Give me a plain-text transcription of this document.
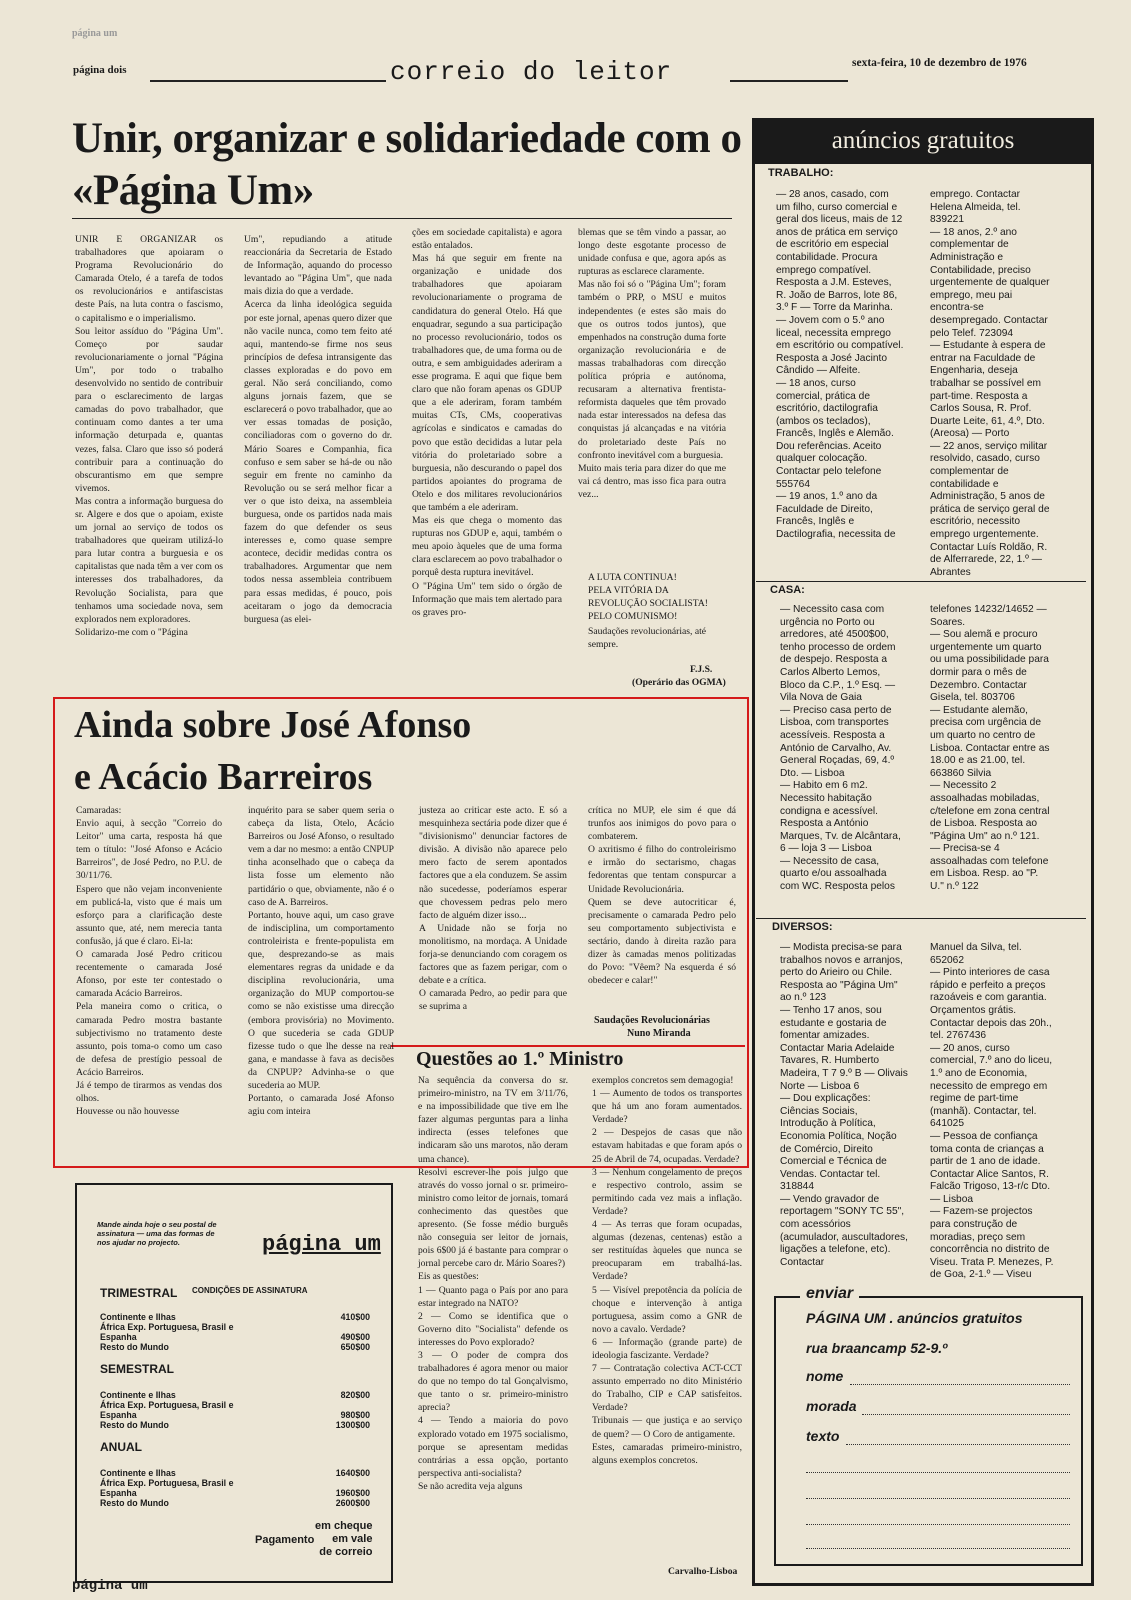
página um
página dois	correio do leitor	sexta-feira, 10 de dezembro de 1976
Unir, organizar e solidariedade com o «Página Um»
UNIR E ORGANIZAR os trabalhadores que apoiaram o Programa Revolucionário do Camarada Otelo, é a tarefa de todos os revolucionários e antifascistas deste País, na luta contra o fascismo, o capitalismo e o imperialismo.
Sou leitor assíduo do "Página Um". Começo por saudar revolucionariamente o jornal "Página Um", por todo o trabalho desenvolvido no sentido de contribuir para o esclarecimento de largas camadas do povo trabalhador, que continuam como dantes a ter uma informação deturpada e, quantas vezes, falsa. Claro que isso só poderá contribuir para a continuação do obscurantismo em que sempre vivemos.
Mas contra a informação burguesa do sr. Algere e dos que o apoiam, existe um jornal ao serviço de todos os trabalhadores que queiram utilizá-lo para lutar contra a burguesia e os capitalistas que nada têm a ver com os interesses dos trabalhadores, da Revolução Socialista, para que tenhamos uma sociedade nova, sem explorados nem exploradores.
Solidarizo-me com o "Página
Um", repudiando a atitude reaccionária da Secretaria de Estado de Informação, aquando do processo levantado ao "Página Um", que nada mais dizia do que a verdade.
Acerca da linha ideológica seguida por este jornal, apenas quero dizer que não vacile nunca, como tem feito até aqui, mantendo-se firme nos seus princípios de defesa intransigente das classes exploradas e do povo em geral. Não será conciliando, como alguns jornais fazem, que se esclarecerá o povo trabalhador, que ao ver essas tomadas de posição, conciliadoras com o governo do dr. Mário Soares e Companhia, fica confuso e sem saber se há-de ou não seguir em frente no caminho da Revolução ou se será melhor ficar a ver o que isto deixa, na assembleia burguesa, onde os partidos nada mais fazem do que defender os seus interesses e, como quase sempre acontece, decidir medidas contra os trabalhadores. Argumentar que nem todos nessa assembleia contribuem para essas medidas, é pouco, pois aceitaram o jogo da democracia burguesa (as elei-
ções em sociedade capitalista) e agora estão entalados.
Mas há que seguir em frente na organização e unidade dos trabalhadores que apoiaram revolucionariamente o programa de candidatura do general Otelo. Há que enquadrar, segundo a sua participação no processo revolucionário, todos os trabalhadores que, de uma forma ou de outra, e sem ambiguidades aderiram a esse programa. E aqui que fique bem claro que não foram apenas os GDUP que a ele aderiram, foram também muitas CTs, CMs, cooperativas agrícolas e sindicatos e camadas do povo que estão decididas a lutar pela vitória do proletariado sobre a burguesia, não descurando o papel dos partidos apoiantes do programa de Otelo e dos militares revolucionários que também a ele aderiram.
Mas eis que chega o momento das rupturas nos GDUP e, aqui, também o meu apoio àqueles que de uma forma clara esclarecem ao povo trabalhador o porquê desta ruptura inevitável.
O "Página Um" tem sido o órgão de Informação que mais tem alertado para os graves pro-
blemas que se têm vindo a passar, ao longo deste esgotante processo de unidade confusa e que, agora após as rupturas as esclarece claramente.
Mas não foi só o "Página Um"; foram também o PRP, o MSU e muitos independentes (e estes são mais do que os outros todos juntos), que empenhados na construção duma forte organização revolucionária e de massas trabalhadoras com direcção política própria e autónoma, recusaram a alternativa frentista-reformista daqueles que têm provado nada estar interessados na defesa das conquistas já alcançadas e na vitória do proletariado deste País no confronto inevitável com a burguesia.
Muito mais teria para dizer do que me vai cá dentro, mas isso fica para outra vez...
A LUTA CONTINUA!
PELA VITÓRIA DA REVOLUÇÃO SOCIALISTA!
PELO COMUNISMO!
Saudações revolucionárias, até sempre.
F.J.S.
(Operário das OGMA)
Ainda sobre José Afonso
e Acácio Barreiros
Camaradas:
Envio aqui, à secção "Correio do Leitor" uma carta, resposta há que tem o título: "José Afonso e Acácio Barreiros", de José Pedro, no P.U. de 30/11/76.
Espero que não vejam inconveniente em publicá-la, visto que é mais um esforço para a clarificação deste assunto que, até, nem merecia tanta confusão, já que é claro. Ei-la:
O camarada José Pedro criticou recentemente o camarada José Afonso, por este ter contestado o camarada Acácio Barreiros.
Pela maneira como o critica, o camarada Pedro mostra bastante subjectivismo no tratamento deste assunto, pois toma-o como um caso de defesa de prestígio pessoal de Acácio Barreiros.
Já é tempo de tirarmos as vendas dos olhos.
Houvesse ou não houvesse
inquérito para se saber quem seria o cabeça da lista, Otelo, Acácio Barreiros ou José Afonso, o resultado vem a dar no mesmo: a então CNPUP tinha aconselhado que o cabeça da lista fosse um elemento não partidário o que, obviamente, não é o caso de A. Barreiros.
Portanto, houve aqui, um caso grave de indisciplina, um comportamento controleirista e frente-populista em que, desprezando-se as mais elementares regras da unidade e da disciplina revolucionária, uma organização do MUP comportou-se como se não existisse uma direcção (embora provisória) no Movimento. O que sucederia se cada GDUP fizesse tudo o que lhe desse na real gana, e mandasse à fava as decisões da CNPUP? Advinha-se o que sucederia ao MUP.
Portanto, o camarada José Afonso agiu com inteira
justeza ao criticar este acto. E só a mesquinheza sectária pode dizer que é "divisionismo" denunciar factores de divisão. A divisão não aparece pelo mero facto de serem apontados factores que a ela conduzem. Se assim não sucedesse, poderíamos esperar que chovessem pedras pelo mero facto de alguém dizer isso...
A Unidade não se forja no monolitismo, na mordaça. A Unidade forja-se denunciando com coragem os factores que as fazem perigar, com o debate e a crítica.
O camarada Pedro, ao pedir para que se suprima a
crítica no MUP, ele sim é que dá trunfos aos inimigos do povo para o combaterem.
O axritismo é filho do controleirismo e irmão do sectarismo, chagas fedorentas que tentam conspurcar a Unidade Revolucionária.
Quem se deve autocriticar é, precisamente o camarada Pedro pelo seu comportamento subjectivista e sectário, dando à direita razão para dizer às camadas menos politizadas do Povo: "Vêem? Na esquerda é só obedecer e calar!"
Saudações Revolucionárias
Nuno Miranda
Questões ao 1.º Ministro
Na sequência da conversa do sr. primeiro-ministro, na TV em 3/11/76, e na impossibilidade que tive em lhe fazer algumas perguntas para a linha indirecta (esses telefones que indicaram são uns marotos, não deram uma chance).
Resolvi escrever-lhe pois julgo que através do vosso jornal o sr. primeiro-ministro como leitor de jornais, tomará conhecimento das questões que apresento. (Se fosse médio burguês não conseguia ser leitor de jornais, pois 6$00 já é bastante para comprar o jornal percebe caro dr. Mário Soares?)
Eis as questões:
1 — Quanto paga o País por ano para estar integrado na NATO?
2 — Como se identifica que o Governo dito "Socialista" defende os interesses do Povo explorado?
3 — O poder de compra dos trabalhadores é agora menor ou maior do que no tempo do tal Gonçalvismo, que tanto o sr. primeiro-ministro apreciа?
4 — Tendo a maioria do povo explorado votado em 1975 socialismo, porque se apresentam medidas contrárias a essa opção, portanto perspectiva anti-socialista?
Se não acredita veja alguns
exemplos concretos sem demagogia!
1 — Aumento de todos os transportes que há um ano foram aumentados. Verdade?
2 — Despejos de casas que não estavam habitadas e que foram após o 25 de Abril de 74, ocupadas. Verdade?
3 — Nenhum congelamento de preços e respectivo controlo, assim se permitindo cada vez mais a inflação. Verdade?
4 — As terras que foram ocupadas, algumas (dezenas, centenas) estão a ser restituídas àqueles que nunca se preocuparam em trabalhá-las. Verdade?
5 — Visível prepotência da polícia de choque e intervenção à antiga portuguesa, assim como a GNR de novo a cavalo. Verdade?
6 — Informação (grande parte) de ideologia fascizante. Verdade?
7 — Contratação colectiva ACT-CCT assunto emperrado no dito Ministério do Trabalho, CIP e CAP satisfeitos. Verdade?
Tribunais — que justiça e ao serviço de quem? — O Coro de antigamente.
Estes, camaradas primeiro-ministro, alguns exemplos concretos.
Carvalho-Lisboa
Mande ainda hoje o seu postal de assinatura — uma das formas de nos ajudar no projecto.	página um
CONDIÇÕES DE ASSINATURA
TRIMESTRAL
Continente e Ilhas	410$00
África Exp. Portuguesa, Brasil e Espanha	490$00
Resto do Mundo	650$00
SEMESTRAL
Continente e Ilhas	820$00
África Exp. Portuguesa, Brasil e Espanha	980$00
Resto do Mundo	1300$00
ANUAL
Continente e Ilhas	1640$00
África Exp. Portuguesa, Brasil e Espanha	1960$00
Resto do Mundo	2600$00
Pagamento
em cheque
em vale
de correio
anúncios gratuitos
TRABALHO:
— 28 anos, casado, com um filho, curso comercial e geral dos liceus, mais de 12 anos de prática em serviço de escritório em especial contabilidade. Procura emprego compatível. Resposta a J.M. Esteves, R. João de Barros, lote 86, 3.º F — Torre da Marinha.
— Jovem com o 5.º ano liceal, necessita emprego em escritório ou compatível. Resposta a José Jacinto Cândido — Alfeite.
— 18 anos, curso comercial, prática de escritório, dactilografia (ambos os teclados), Francês, Inglês e Alemão. Dou referências. Aceito qualquer colocação. Contactar pelo telefone 555764
— 19 anos, 1.º ano da Faculdade de Direito, Francês, Inglês e Dactilografia, necessita de
emprego. Contactar Helena Almeida, tel. 839221
— 18 anos, 2.º ano complementar de Administração e Contabilidade, preciso urgentemente de qualquer emprego, meu pai encontra-se desempregado. Contactar pelo Telef. 723094
— Estudante à espera de entrar na Faculdade de Engenharia, deseja trabalhar se possível em part-time. Resposta a Carlos Sousa, R. Prof. Duarte Leite, 61, 4.º, Dto. (Areosa) — Porto
— 22 anos, serviço militar resolvido, casado, curso complementar de contabilidade e Administração, 5 anos de prática de serviço geral de escritório, necessito emprego urgentemente. Contactar Luís Roldão, R. de Alferrarede, 22, 1.º — Abrantes
CASA:
— Necessito casa com urgência no Porto ou arredores, até 4500$00, tenho processo de ordem de despejo. Resposta a Carlos Alberto Lemos, Bloco da C.P., 1.º Esq. — Vila Nova de Gaia
— Preciso casa perto de Lisboa, com transportes acessíveis. Resposta a António de Carvalho, Av. General Roçadas, 69, 4.º Dto. — Lisboa
— Habito em 6 m2. Necessito habitação condigna e acessível. Resposta a António Marques, Tv. de Alcântara, 6 — loja 3 — Lisboa
— Necessito de casa, quarto e/ou assoalhada com WC. Resposta pelos
telefones 14232/14652 — Soares.
— Sou alemã e procuro urgentemente um quarto ou uma possibilidade para dormir para o mês de Dezembro. Contactar Gisela, tel. 803706
— Estudante alemão, precisa com urgência de um quarto no centro de Lisboa. Contactar entre as 18.00 e as 21.00, tel. 663860 Silvia
— Necessito 2 assoalhadas mobiladas, c/telefone em zona central de Lisboa. Resposta ao "Página Um" ao n.º 121.
— Precisa-se 4 assoalhadas com telefone em Lisboa. Resp. ao "P. U." n.º 122
DIVERSOS:
— Modista precisa-se para trabalhos novos e arranjos, perto do Arieiro ou Chile. Resposta ao "Página Um" ao n.º 123
— Tenho 17 anos, sou estudante e gostaria de fomentar amizades. Contactar Maria Adelaide Tavares, R. Humberto Madeira, T 7 9.º B — Olivais Norte — Lisboa 6
— Dou explicações: Ciências Sociais, Introdução à Política, Economia Política, Noção de Comércio, Direito Comercial e Técnica de Vendas. Contactar tel. 318844
— Vendo gravador de reportagem "SONY TC 55", com acessórios (acumulador, auscultadores, ligações a telefone, etc). Contactar
Manuel da Silva, tel. 652062
— Pinto interiores de casa rápido e perfeito a preços razoáveis e com garantia. Orçamentos grátis. Contactar depois das 20h., tel. 2767436
— 20 anos, curso comercial, 7.º ano do liceu, 1.º ano de Economia, necessito de emprego em regime de part-time (manhã). Contactar, tel. 641025
— Pessoa de confiança toma conta de crianças a partir de 1 ano de idade. Contactar Alice Santos, R. Falcão Trigoso, 13-r/c Dto. — Lisboa
— Fazem-se projectos para construção de moradias, preço sem concorrência no distrito de Viseu. Trata P. Menezes, P. de Goa, 2-1.º — Viseu
enviar
PÁGINA UM . anúncios gratuitos
rua braancamp 52-9.º
nome
morada
texto
página um
